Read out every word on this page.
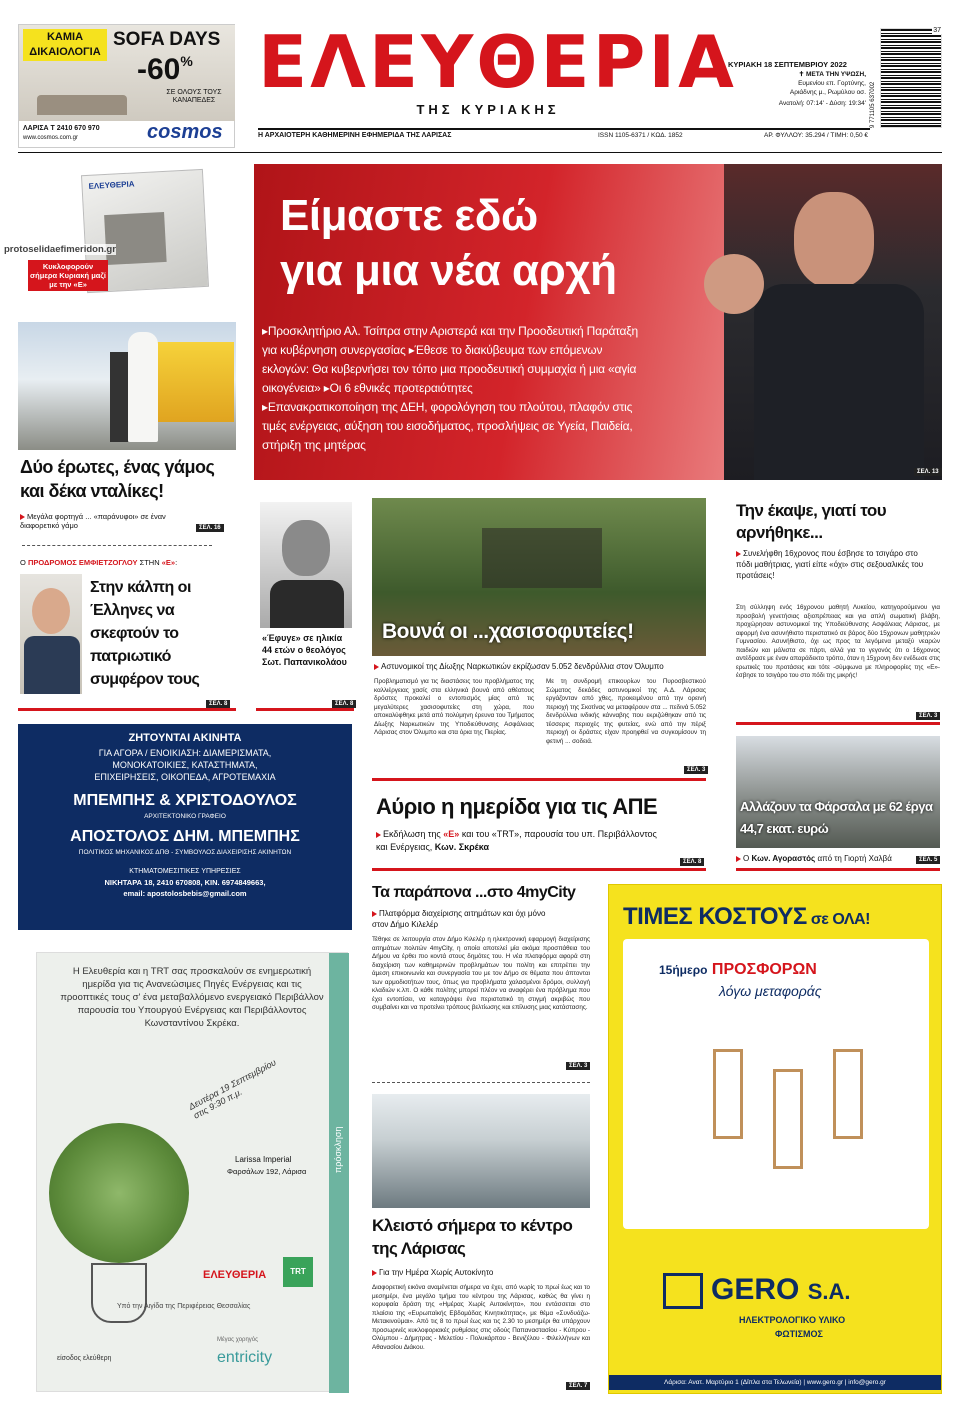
ΚΑΜΙΑ ΔΙΚΑΙΟΛΟΓΙΑ
SOFA DAYS
-60%
ΣΕ ΟΛΟΥΣ ΤΟΥΣ ΚΑΝΑΠΕΔΕΣ
ΛΑΡΙΣΑ Τ 2410 670 970
www.cosmos.com.gr	cosmos
ΕΛΕΥΘΕΡΙΑ
ΤΗΣ ΚΥΡΙΑΚΗΣ
ΚΥΡΙΑΚΗ 18 ΣΕΠΤΕΜΒΡΙΟΥ 2022
✝ ΜΕΤΑ ΤΗΝ ΥΨΩΣΗ,
Ευμενίου επ. Γορτύνης,
Αριάδνης μ., Ρωμύλου οσ.
Ανατολή: 07:14' - Δύση: 19:34'
37
9 771105 637002
Η ΑΡΧΑΙΟΤΕΡΗ ΚΑΘΗΜΕΡΙΝΗ ΕΦΗΜΕΡΙΔΑ ΤΗΣ ΛΑΡΙΣΑΣ	ISSN 1105-6371 / ΚΩΔ. 1852	ΑΡ. ΦΥΛΛΟΥ: 35.294 / ΤΙΜΗ: 0,50 €
ΕΛΕΥΘΕΡΙΑ
protoselidaefimeridon.gr
Κυκλοφορούν σήμερα Κυριακή μαζί με την «Ε»
Δύο έρωτες, ένας γάμος και δέκα νταλίκες!
Μεγάλα φορτηγά ... «παράνυφοι» σε έναν διαφορετικό γάμο	ΣΕΛ. 16
Ο ΠΡΟΔΡΟΜΟΣ ΕΜΦΙΕΤΖΟΓΛΟΥ ΣΤΗΝ «Ε»:
Στην κάλπη οι Έλληνες να σκεφτούν το πατριωτικό συμφέρον τους
ΣΕΛ. 8

Είμαστε εδώ
για μια νέα αρχή
▸Προσκλητήριο Αλ. Τσίπρα στην Αριστερά και την Προοδευτική Παράταξη για κυβέρνηση συνεργασίας ▸Έθεσε το διακύβευμα των επόμενων εκλογών: Θα κυβερνήσει τον τόπο μια προοδευτική συμμαχία ή μια «αγία οικογένεια» ▸Οι 6 εθνικές προτεραιότητες
▸Επανακρατικοποίηση της ΔΕΗ, φορολόγηση του πλούτου, πλαφόν στις τιμές ενέργειας, αύξηση του εισοδήματος, προσλήψεις σε Υγεία, Παιδεία, στήριξη της μητέρας
ΣΕΛ. 13
«Έφυγε» σε ηλικία 44 ετών ο θεολόγος Σωτ. Παπανικολάου
ΣΕΛ. 8
Βουνά οι ...χασισοφυτείες!
Αστυνομικοί της Δίωξης Ναρκωτικών εκρίζωσαν 5.052 δενδρύλλια στον Όλυμπο
Προβληματισμό για τις διαστάσεις του προβλήματος της καλλιέργειας χασίς στα ελληνικά βουνά από αθέατους δρόστες προκαλεί ο εντοπισμός μίας από τις μεγαλύτερες χασισοφυτείες στη χώρα, που αποκαλύφθηκε μετά από πολύμηνη έρευνα του Τμήματος Δίωξης Ναρκωτικών της Υποδιεύθυνσης Ασφάλειας Λάρισας στον Όλυμπο και στα όρια της Πιερίας.
Με τη συνδρομή επικουρίων του Πυροσβεστικού Σώματος δεκάδες αστυνομικοί της Α.Δ. Λάρισας εργάζονταν από χθες, προκειμένου από την ορεινή περιοχή της Σκοτίνας να μεταφέρουν στα ... πεδινά 5.052 δενδρύλλια ινδικής κάνναβης που εκριζώθηκαν από τις τέσσερις περιοχές της φυτείας, ενώ από την πέριξ περιοχή οι δράστες είχαν προηφθεί να συγκομίσουν τη φετινή ... σοδειά.
ΣΕΛ. 3
Αύριο η ημερίδα για τις ΑΠΕ
Εκδήλωση της «Ε» και του «TRT», παρουσία του υπ. Περιβάλλοντος και Ενέργειας, Κων. Σκρέκα
ΣΕΛ. 8
Την έκαψε, γιατί του αρνήθηκε...
Συνελήφθη 16χρονος που έσβησε το τσιγάρο στο πόδι μαθήτριας, γιατί είπε «όχι» στις σεξουαλικές του προτάσεις!
Στη σύλληψη ενός 16χρονου μαθητή Λυκείου, κατηγορούμενου για προσβολή γενετήσιας αξιοπρέπειας και για απλή σωματική βλάβη, προχώρησαν αστυνομικοί της Υποδιεύθυνσης Ασφάλειας Λάρισας, με αφορμή ένα ασυνήθιστο περιστατικό σε βάρος δύο 15χρονων μαθητριών Γυμνασίου. Ασυνήθιστο, όχι ως προς τα λεγόμενα μεταξύ νεαρών παιδιών και μάλιστα σε πάρτι, αλλά για το γεγονός ότι ο 16χρονος αντέδρασε με έναν απαράδεκτο τρόπο, όταν η 15χρονη δεν ενέδωσε στις ερωτικές του προτάσεις και τότε -σύμφωνα με πληροφορίες της «Ε»- έσβησε το τσιγάρο του στο πόδι της μικρής!
ΣΕΛ. 3
Αλλάζουν τα Φάρσαλα με 62 έργα 44,7 εκατ. ευρώ
Ο Κων. Αγοραστός από τη Γιορτή Χαλβά	ΣΕΛ. 5
ΖΗΤΟΥΝΤΑΙ ΑΚΙΝΗΤΑ
ΓΙΑ ΑΓΟΡΑ / ΕΝΟΙΚΙΑΣΗ: ΔΙΑΜΕΡΙΣΜΑΤΑ,
ΜΟΝΟΚΑΤΟΙΚΙΕΣ, ΚΑΤΑΣΤΗΜΑΤΑ,
ΕΠΙΧΕΙΡΗΣΕΙΣ, ΟΙΚΟΠΕΔΑ, ΑΓΡΟΤΕΜΑΧΙΑ
ΜΠΕΜΠΗΣ & ΧΡΙΣΤΟΔΟΥΛΟΣ
ΑΡΧΙΤΕΚΤΟΝΙΚΟ ΓΡΑΦΕΙΟ
ΑΠΟΣΤΟΛΟΣ ΔΗΜ. ΜΠΕΜΠΗΣ
ΠΟΛΙΤΙΚΟΣ ΜΗΧΑΝΙΚΟΣ ΔΠΘ - ΣΥΜΒΟΥΛΟΣ ΔΙΑΧΕΙΡΙΣΗΣ ΑΚΙΝΗΤΩΝ
ΚΤΗΜΑΤΟΜΕΣΙΤΙΚΕΣ ΥΠΗΡΕΣΙΕΣ
ΝΙΚΗΤΑΡΑ 18, 2410 670808, ΚΙΝ. 6974849663,
email: apostolosbebis@gmail.com
Η Ελευθερία και η TRT σας προσκαλούν σε ενημερωτική ημερίδα για τις Ανανεώσιμες Πηγές Ενέργειας και τις προοπτικές τους σ' ένα μεταβαλλόμενο ενεργειακό Περιβάλλον παρουσία του Υπουργού Ενέργειας και Περιβάλλοντος Κωνσταντίνου Σκρέκα.
Δευτέρα 19 Σεπτεμβρίου στις 9:30 π.μ.
Larissa Imperial
Φαρσάλων 192, Λάρισα	πρόσκληση
ΕΛΕΥΘΕΡΙΑ	TRT
Υπό την Αιγίδα της Περιφέρειας Θεσσαλίας
Μέγας χορηγός
entricity
είσοδος ελεύθερη
Τα παράπονα ...στο 4myCity
Πλατφόρμα διαχείρισης αιτημάτων και όχι μόνο στον Δήμο Κιλελέρ
Τέθηκε σε λειτουργία στον Δήμο Κιλελέρ η ηλεκτρονική εφαρμογή διαχείρισης αιτημάτων πολιτών 4myCity, η οποία αποτελεί μία ακόμα προσπάθεια του Δήμου να έρθει πιο κοντά στους δημότες του. Η νέα πλατφόρμα αφορά στη διαχείριση των καθημερινών προβλημάτων του πολίτη και επιτρέπει την άμεση επικοινωνία και συνεργασία του με τον Δήμο σε θέματα που άπτονται των αρμοδιοτήτων τους, όπως για προβλήματα χαλασμένοι δρόμοι, συλλογή κλαδιών κ.λπ. Ο κάθε πολίτης μπορεί πλέον να αναφέρει ένα πρόβλημα που έχει εντοπίσει, να καταγράψει ένα περιστατικό τη στιγμή ακριβώς που συμβαίνει και να προτείνει τρόπους βελτίωσης και επίλυσης μιας κατάστασης.
ΣΕΛ. 3
Κλειστό σήμερα το κέντρο της Λάρισας
Για την Ημέρα Χωρίς Αυτοκίνητο
Διαφορετική εικόνα αναμένεται σήμερα να έχει, από νωρίς το πρωί έως και το μεσημέρι, ένα μεγάλο τμήμα του κέντρου της Λάρισας, καθώς θα γίνει η κορυφαία δράση της «Ημέρας Χωρίς Αυτοκίνητο», που εντάσσεται στο πλαίσιο της «Ευρωπαϊκής Εβδομάδας Κινητικότητας», με θέμα «Συνδυάζω-Μετακινούμαι». Από τις 8 το πρωί έως και τις 2.30 το μεσημέρι θα υπάρχουν προσωρινές κυκλοφοριακές ρυθμίσεις στις οδούς Παπαναστασίου - Κύπρου - Ολύμπου - Δήμητρας - Μελετίου - Πολυκάρπου - Βενιζέλου - Φιλελλήνων και Αθανασίου Διάκου.
ΣΕΛ. 7
ΤΙΜΕΣ ΚΟΣΤΟΥΣ σε ΟΛΑ!
15ήμερο ΠΡΟΣΦΟΡΩΝ
λόγω μεταφοράς
GERO S.A.
ΗΛΕΚΤΡΟΛΟΓΙΚΟ ΥΛΙΚΟ
ΦΩΤΙΣΜΟΣ
Λάρισα: Ανατ. Μαρτύριο 1 (Δίπλα στα Τελωνεία) | www.gero.gr | info@gero.gr
